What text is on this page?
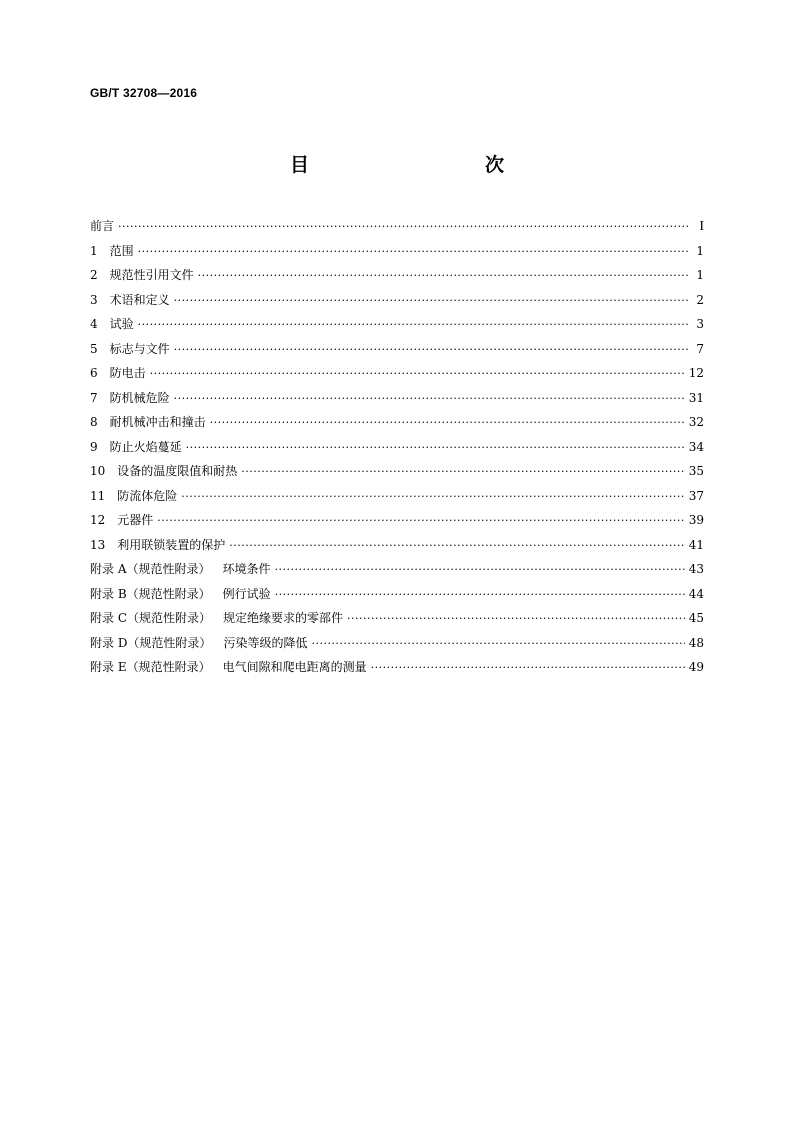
GB/T 32708—2016
目　　次
前言 ·····	I
1 范围 ·····	1
2 规范性引用文件 ·····	1
3 术语和定义 ·····	2
4 试验 ·····	3
5 标志与文件 ·····	7
6 防电击 ·····	12
7 防机械危险 ·····	31
8 耐机械冲击和撞击 ·····	32
9 防止火焰蔓延 ·····	34
10 设备的温度限值和耐热 ·····	35
11 防流体危险 ·····	37
12 元器件 ·····	39
13 利用联锁装置的保护 ·····	41
附录 A（规范性附录） 环境条件 ·····	43
附录 B（规范性附录） 例行试验 ·····	44
附录 C（规范性附录） 规定绝缘要求的零部件 ·····	45
附录 D（规范性附录） 污染等级的降低 ·····	48
附录 E（规范性附录） 电气间隙和爬电距离的测量 ·····	49
